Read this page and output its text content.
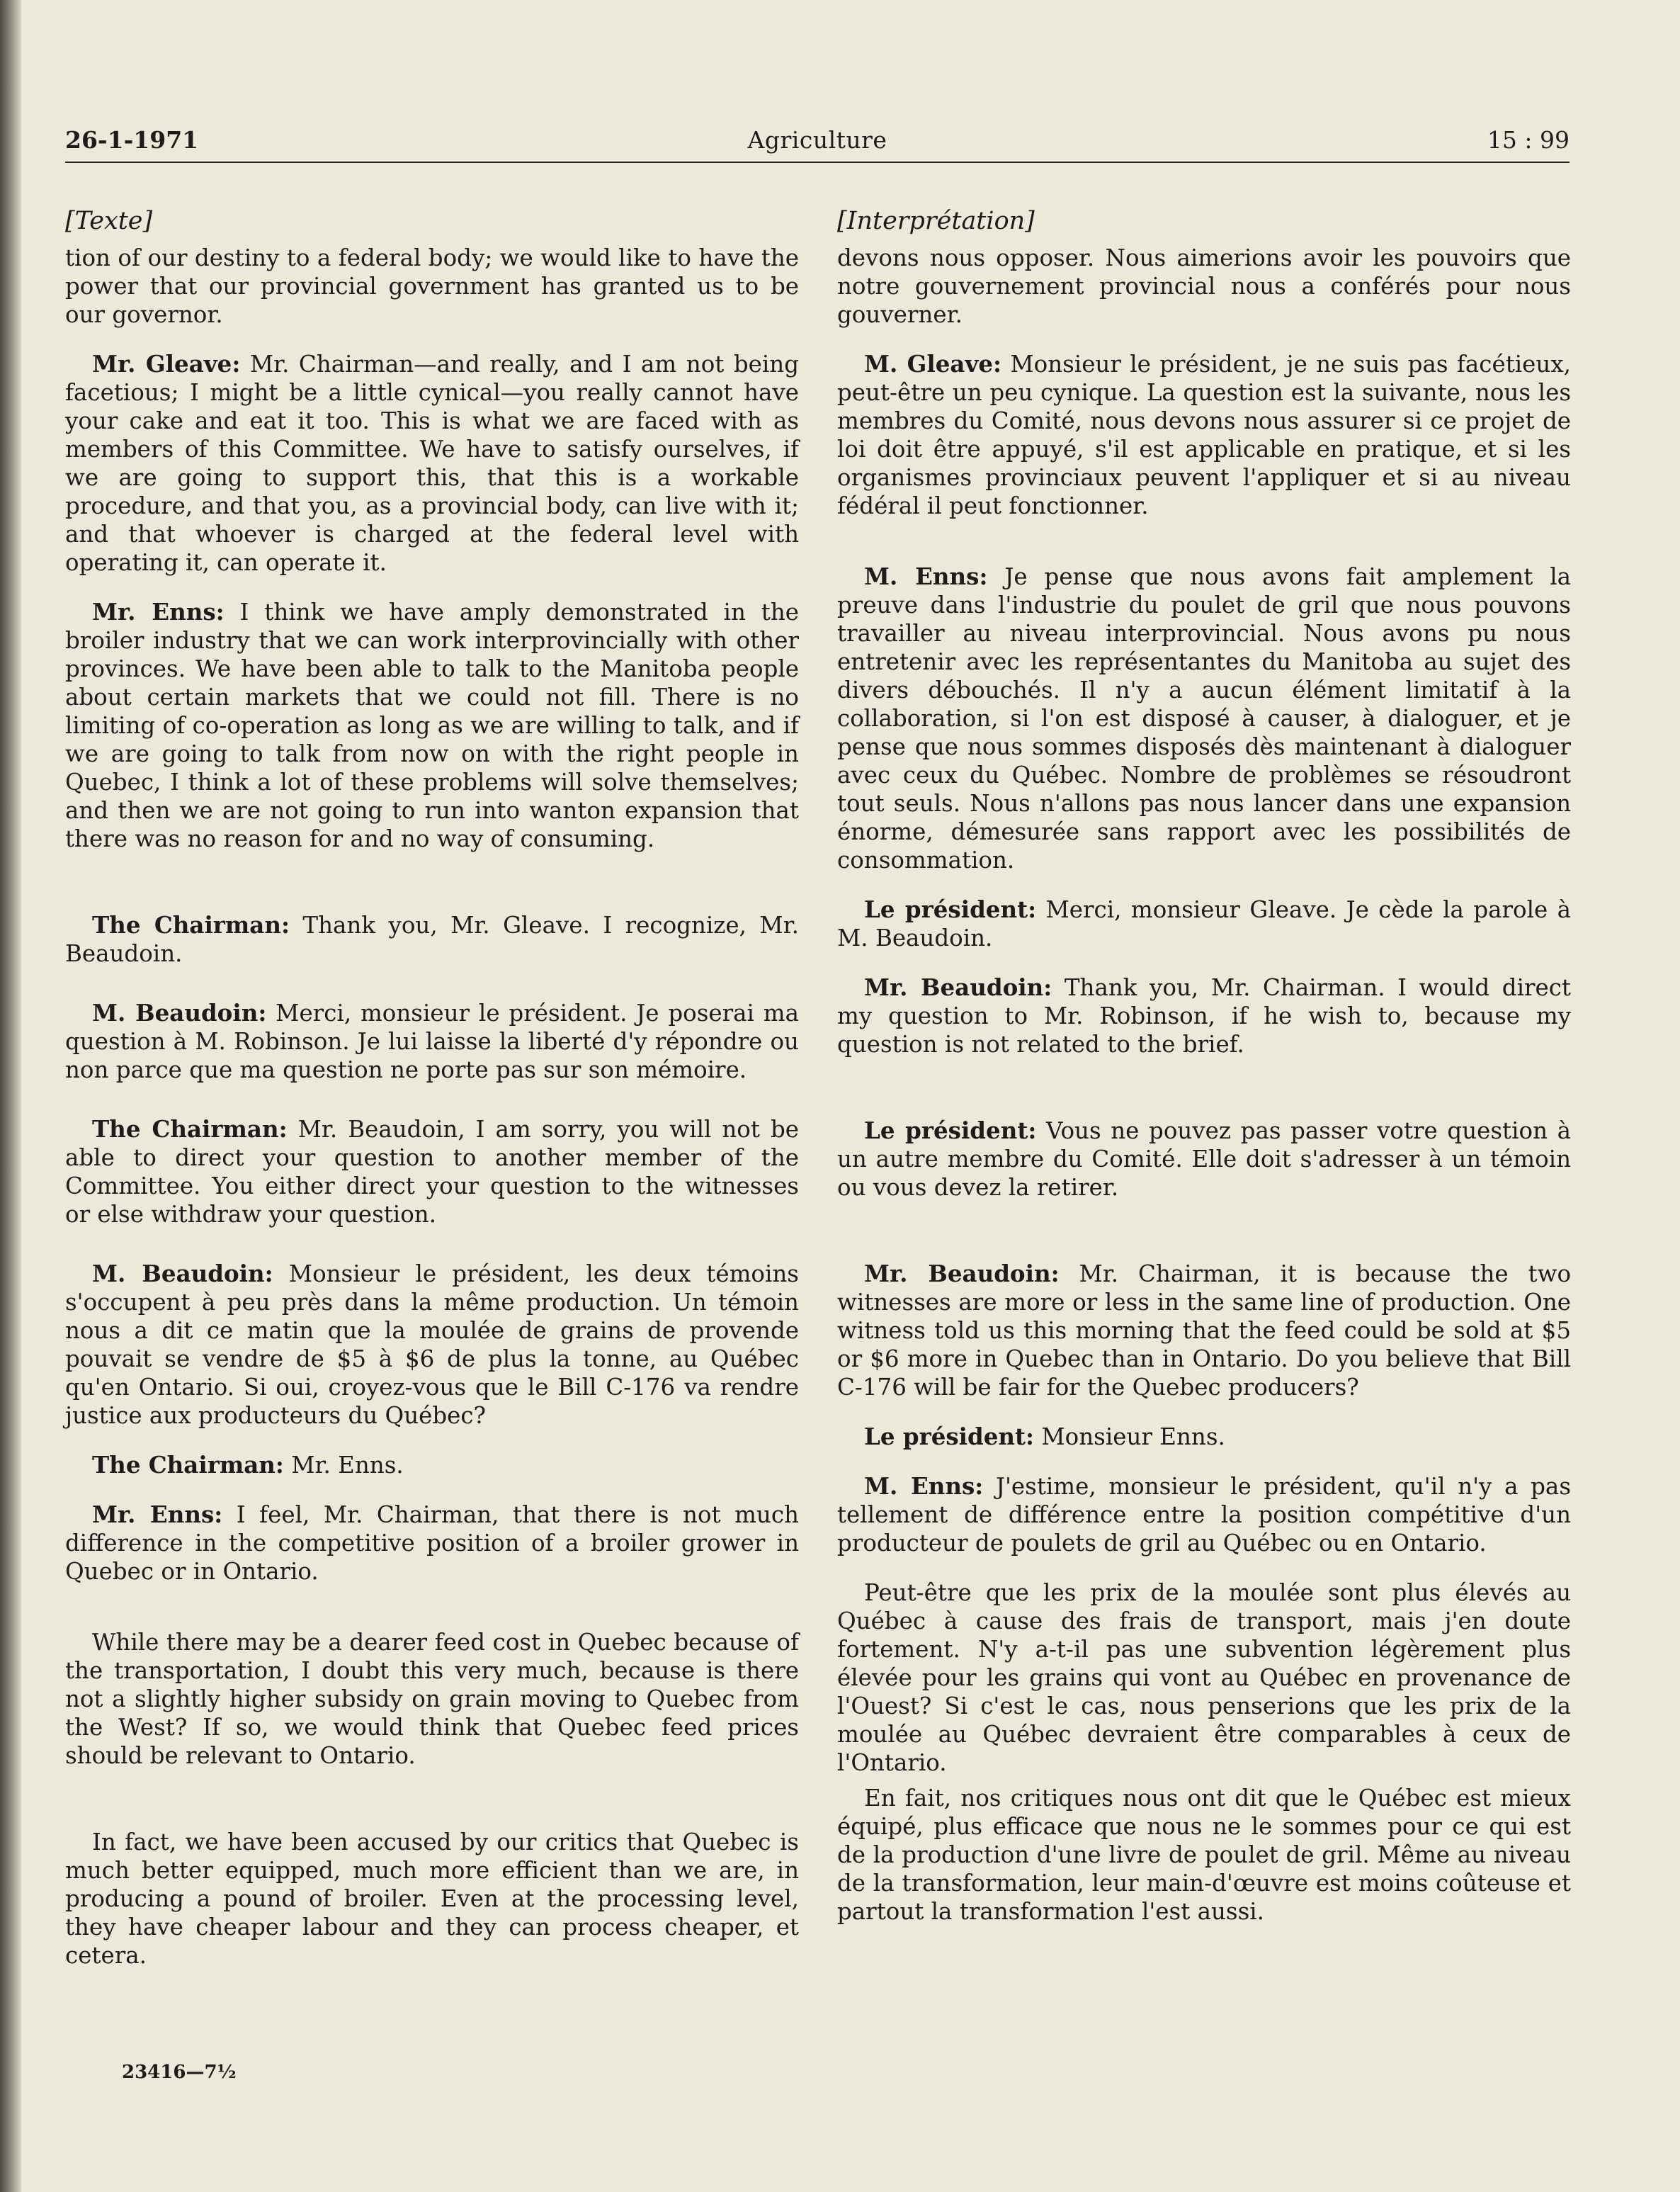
26-1-1971	Agriculture	15 : 99

[Texte]

tion of our destiny to a federal body; we would like to have the power that our provincial government has granted us to be our governor.

Mr. Gleave: Mr. Chairman—and really, and I am not being facetious; I might be a little cynical—you really cannot have your cake and eat it too. This is what we are faced with as members of this Committee. We have to satisfy ourselves, if we are going to support this, that this is a workable procedure, and that you, as a provincial body, can live with it; and that whoever is charged at the federal level with operating it, can operate it.

Mr. Enns: I think we have amply demonstrated in the broiler industry that we can work interprovincially with other provinces. We have been able to talk to the Manitoba people about certain markets that we could not fill. There is no limiting of co-operation as long as we are willing to talk, and if we are going to talk from now on with the right people in Quebec, I think a lot of these problems will solve themselves; and then we are not going to run into wanton expansion that there was no reason for and no way of consuming.

The Chairman: Thank you, Mr. Gleave. I recognize, Mr. Beaudoin.

M. Beaudoin: Merci, monsieur le président. Je poserai ma question à M. Robinson. Je lui laisse la liberté d'y répondre ou non parce que ma question ne porte pas sur son mémoire.

The Chairman: Mr. Beaudoin, I am sorry, you will not be able to direct your question to another member of the Committee. You either direct your question to the witnesses or else withdraw your question.

M. Beaudoin: Monsieur le président, les deux témoins s'occupent à peu près dans la même production. Un témoin nous a dit ce matin que la moulée de grains de provende pouvait se vendre de $5 à $6 de plus la tonne, au Québec qu'en Ontario. Si oui, croyez-vous que le Bill C-176 va rendre justice aux producteurs du Québec?

The Chairman: Mr. Enns.

Mr. Enns: I feel, Mr. Chairman, that there is not much difference in the competitive position of a broiler grower in Quebec or in Ontario.

While there may be a dearer feed cost in Quebec because of the transportation, I doubt this very much, because is there not a slightly higher subsidy on grain moving to Quebec from the West? If so, we would think that Quebec feed prices should be relevant to Ontario.

In fact, we have been accused by our critics that Quebec is much better equipped, much more efficient than we are, in producing a pound of broiler. Even at the processing level, they have cheaper labour and they can process cheaper, et cetera.

[Interprétation]

devons nous opposer. Nous aimerions avoir les pouvoirs que notre gouvernement provincial nous a conférés pour nous gouverner.

M. Gleave: Monsieur le président, je ne suis pas facétieux, peut-être un peu cynique. La question est la suivante, nous les membres du Comité, nous devons nous assurer si ce projet de loi doit être appuyé, s'il est applicable en pratique, et si les organismes provinciaux peuvent l'appliquer et si au niveau fédéral il peut fonctionner.

M. Enns: Je pense que nous avons fait amplement la preuve dans l'industrie du poulet de gril que nous pouvons travailler au niveau interprovincial. Nous avons pu nous entretenir avec les représentantes du Manitoba au sujet des divers débouchés. Il n'y a aucun élément limitatif à la collaboration, si l'on est disposé à causer, à dialoguer, et je pense que nous sommes disposés dès maintenant à dialoguer avec ceux du Québec. Nombre de problèmes se résoudront tout seuls. Nous n'allons pas nous lancer dans une expansion énorme, démesurée sans rapport avec les possibilités de consommation.

Le président: Merci, monsieur Gleave. Je cède la parole à M. Beaudoin.

Mr. Beaudoin: Thank you, Mr. Chairman. I would direct my question to Mr. Robinson, if he wish to, because my question is not related to the brief.

Le président: Vous ne pouvez pas passer votre question à un autre membre du Comité. Elle doit s'adresser à un témoin ou vous devez la retirer.

Mr. Beaudoin: Mr. Chairman, it is because the two witnesses are more or less in the same line of production. One witness told us this morning that the feed could be sold at $5 or $6 more in Quebec than in Ontario. Do you believe that Bill C-176 will be fair for the Quebec producers?

Le président: Monsieur Enns.

M. Enns: J'estime, monsieur le président, qu'il n'y a pas tellement de différence entre la position compétitive d'un producteur de poulets de gril au Québec ou en Ontario.

Peut-être que les prix de la moulée sont plus élevés au Québec à cause des frais de transport, mais j'en doute fortement. N'y a-t-il pas une subvention légèrement plus élevée pour les grains qui vont au Québec en provenance de l'Ouest? Si c'est le cas, nous penserions que les prix de la moulée au Québec devraient être comparables à ceux de l'Ontario.

En fait, nos critiques nous ont dit que le Québec est mieux équipé, plus efficace que nous ne le sommes pour ce qui est de la production d'une livre de poulet de gril. Même au niveau de la transformation, leur main-d'œuvre est moins coûteuse et partout la transformation l'est aussi.

23416—7½
